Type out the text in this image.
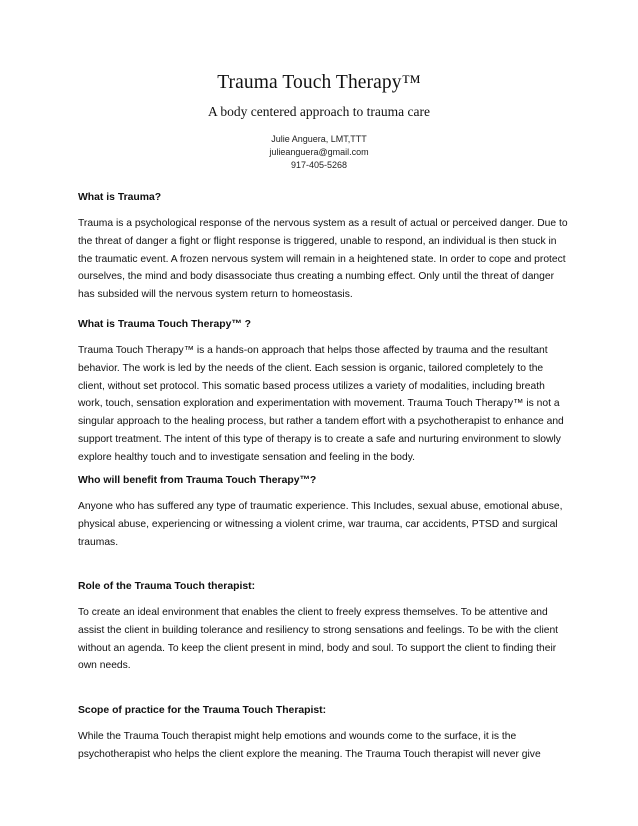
Trauma Touch Therapy™
A body centered approach to trauma care
Julie Anguera, LMT,TTT
julieanguera@gmail.com
917-405-5268

What is Trauma?

Trauma is a psychological response of the nervous system as a result of actual or perceived danger. Due to the threat of danger a fight or flight response is triggered, unable to respond, an individual is then stuck in the traumatic event. A frozen nervous system will remain in a heightened state. In order to cope and protect ourselves, the mind and body disassociate thus creating a numbing effect. Only until the threat of danger has subsided will the nervous system return to homeostasis.

What is Trauma Touch Therapy™ ?

Trauma Touch Therapy™ is a hands-on approach that helps those affected by trauma and the resultant behavior. The work is led by the needs of the client. Each session is organic, tailored completely to the client, without set protocol. This somatic based process utilizes a variety of modalities, including breath work, touch, sensation exploration and experimentation with movement. Trauma Touch Therapy™ is not a singular approach to the healing process, but rather a tandem effort with a psychotherapist to enhance and support treatment. The intent of this type of therapy is to create a safe and nurturing environment to slowly explore healthy touch and to investigate sensation and feeling in the body.

Who will benefit from Trauma Touch Therapy™?

Anyone who has suffered any type of traumatic experience. This Includes, sexual abuse, emotional abuse, physical abuse, experiencing or witnessing a violent crime, war trauma, car accidents, PTSD and surgical traumas.

Role of the Trauma Touch therapist:

To create an ideal environment that enables the client to freely express themselves. To be attentive and assist the client in building tolerance and resiliency to strong sensations and feelings. To be with the client without an agenda. To keep the client present in mind, body and soul. To support the client to finding their own needs.

Scope of practice for the Trauma Touch Therapist:

While the Trauma Touch therapist might help emotions and wounds come to the surface, it is the psychotherapist who helps the client explore the meaning. The Trauma Touch therapist will never give
